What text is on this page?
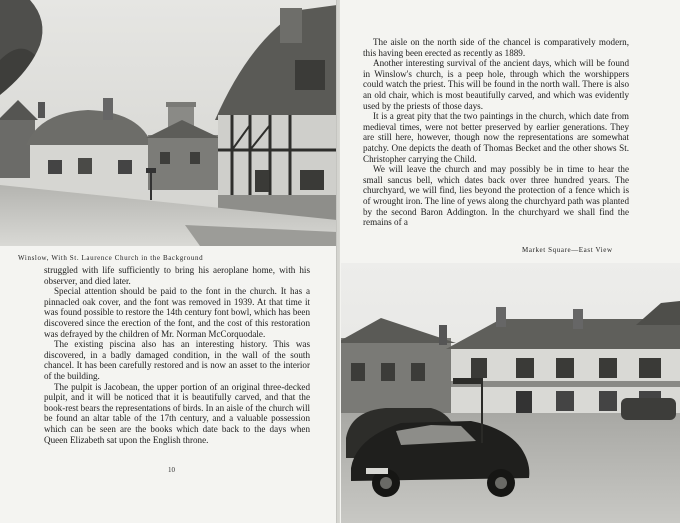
Winslow, With St. Laurence Church in the Background

struggled with life sufficiently to bring his aeroplane home, with his observer, and died later.

Special attention should be paid to the font in the church. It has a pinnacled oak cover, and the font was removed in 1939. At that time it was found possible to restore the 14th century font bowl, which has been discovered since the erection of the font, and the cost of this restoration was defrayed by the children of Mr. Norman McCorquodale.

The existing piscina also has an interesting history. This was discovered, in a badly damaged condition, in the wall of the south chancel. It has been carefully restored and is now an asset to the interior of the building.

The pulpit is Jacobean, the upper portion of an original three-decked pulpit, and it will be noticed that it is beautifully carved, and that the book-rest bears the representations of birds. In an aisle of the church will be found an altar table of the 17th century, and a valuable possession which can be seen are the books which date back to the days when Queen Elizabeth sat upon the English throne.

10

The aisle on the north side of the chancel is comparatively modern, this having been erected as recently as 1889.

Another interesting survival of the ancient days, which will be found in Winslow's church, is a peep hole, through which the worshippers could watch the priest. This will be found in the north wall. There is also an old chair, which is most beautifully carved, and which was evidently used by the priests of those days.

It is a great pity that the two paintings in the church, which date from medieval times, were not better preserved by earlier generations. They are still here, however, though now the representations are somewhat patchy. One depicts the death of Thomas Becket and the other shows St. Christopher carrying the Child.

We will leave the church and may possibly be in time to hear the small sancus bell, which dates back over three hundred years. The churchyard, we will find, lies beyond the protection of a fence which is of wrought iron. The line of yews along the churchyard path was planted by the second Baron Addington. In the churchyard we shall find the remains of a

Market Square—East View
